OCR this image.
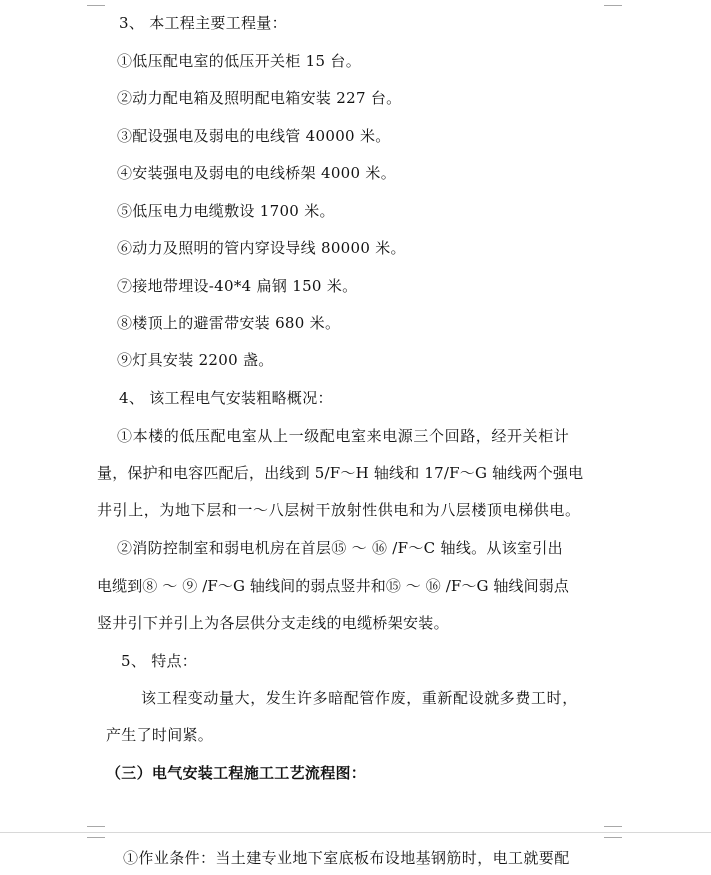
3、 本工程主要工程量：
①低压配电室的低压开关柜 15 台。
②动力配电箱及照明配电箱安装 227 台。
③配设强电及弱电的电线管 40000 米。
④安装强电及弱电的电线桥架 4000 米。
⑤低压电力电缆敷设 1700 米。
⑥动力及照明的管内穿设导线 80000 米。
⑦接地带埋设-40*4 扁钢 150 米。
⑧楼顶上的避雷带安装 680 米。
⑨灯具安装 2200 盏。
4、 该工程电气安装粗略概况：
①本楼的低压配电室从上一级配电室来电源三个回路，经开关柜计
量，保护和电容匹配后，出线到 5/F～H 轴线和 17/F～G 轴线两个强电
井引上，为地下层和一～八层树干放射性供电和为八层楼顶电梯供电。
②消防控制室和弱电机房在首层⑮ ～ ⑯ /F～C 轴线。从该室引出
电缆到⑧ ～ ⑨ /F～G 轴线间的弱点竖井和⑮ ～ ⑯ /F～G 轴线间弱点
竖井引下并引上为各层供分支走线的电缆桥架安装。
5、 特点：
该工程变动量大，发生许多暗配管作废，重新配设就多费工时，
产生了时间紧。
（三）电气安装工程施工工艺流程图：
①作业条件：当土建专业地下室底板布设地基钢筋时，电工就要配
